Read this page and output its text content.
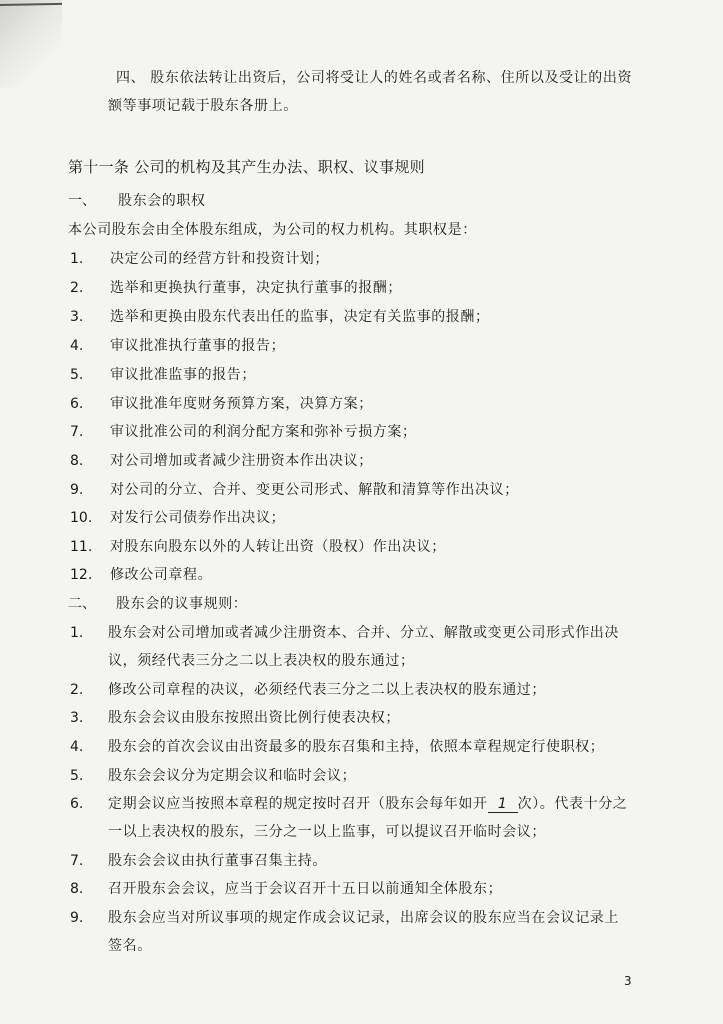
四、 股东依法转让出资后，公司将受让人的姓名或者名称、住所以及受让的出资
额等事项记载于股东各册上。
第十一条 公司的机构及其产生办法、职权、议事规则
一、 股东会的职权
本公司股东会由全体股东组成，为公司的权力机构。其职权是：
1. 决定公司的经营方针和投资计划；
2. 选举和更换执行董事，决定执行董事的报酬；
3. 选举和更换由股东代表出任的监事，决定有关监事的报酬；
4. 审议批准执行董事的报告；
5. 审议批准监事的报告；
6. 审议批准年度财务预算方案，决算方案；
7. 审议批准公司的利润分配方案和弥补亏损方案；
8. 对公司增加或者减少注册资本作出决议；
9. 对公司的分立、合并、变更公司形式、解散和清算等作出决议；
10. 对发行公司债券作出决议；
11. 对股东向股东以外的人转让出资（股权）作出决议；
12. 修改公司章程。
二、 股东会的议事规则：
1. 股东会对公司增加或者减少注册资本、合并、分立、解散或变更公司形式作出决
议，须经代表三分之二以上表决权的股东通过；
2. 修改公司章程的决议，必须经代表三分之二以上表决权的股东通过；
3. 股东会会议由股东按照出资比例行使表决权；
4. 股东会的首次会议由出资最多的股东召集和主持，依照本章程规定行使职权；
5. 股东会会议分为定期会议和临时会议；
6. 定期会议应当按照本章程的规定按时召开（股东会每年如开 1 次）。代表十分之
一以上表决权的股东，三分之一以上监事，可以提议召开临时会议；
7. 股东会会议由执行董事召集主持。
8. 召开股东会会议，应当于会议召开十五日以前通知全体股东；
9. 股东会应当对所议事项的规定作成会议记录，出席会议的股东应当在会议记录上
签名。
3
